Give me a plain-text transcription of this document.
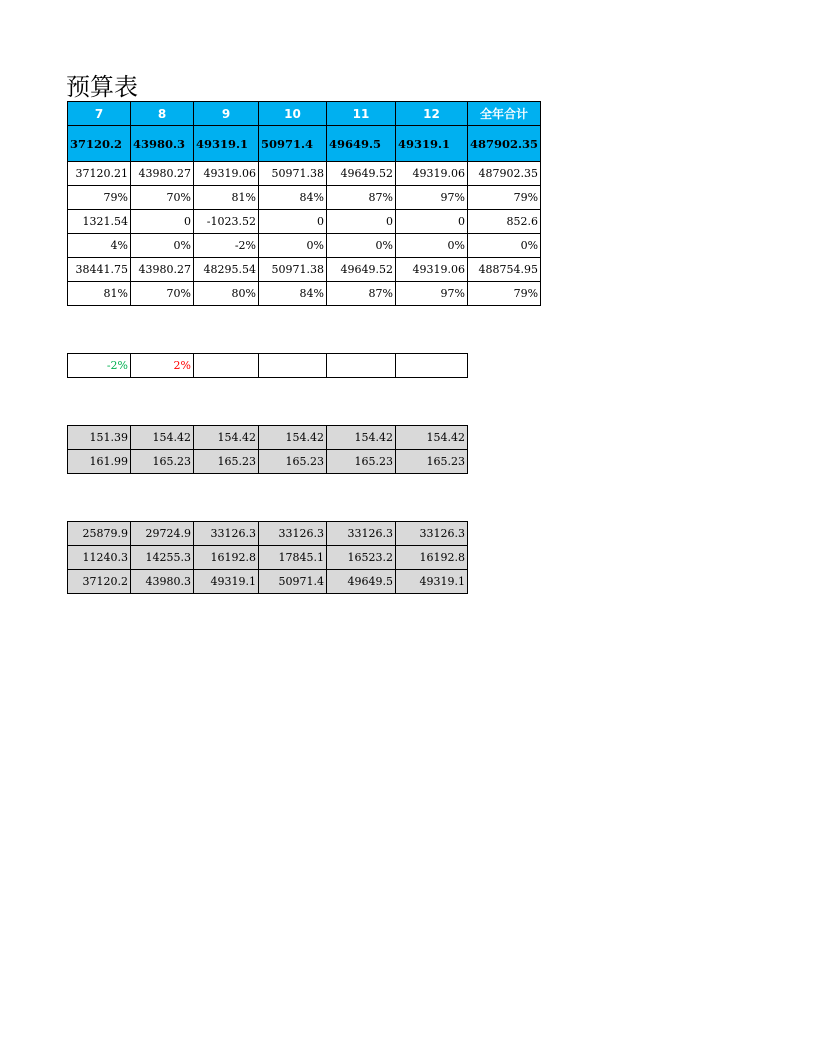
预算表
7	8	9	10	11	12	全年合计
37120.2	43980.3	49319.1	50971.4	49649.5	49319.1	487902.35
37120.21	43980.27	49319.06	50971.38	49649.52	49319.06	487902.35
79%	70%	81%	84%	87%	97%	79%
1321.54	0	-1023.52	0	0	0	852.6
4%	0%	-2%	0%	0%	0%	0%
38441.75	43980.27	48295.54	50971.38	49649.52	49319.06	488754.95
81%	70%	80%	84%	87%	97%	79%
-2%	2%				
151.39	154.42	154.42	154.42	154.42	154.42
161.99	165.23	165.23	165.23	165.23	165.23
25879.9	29724.9	33126.3	33126.3	33126.3	33126.3
11240.3	14255.3	16192.8	17845.1	16523.2	16192.8
37120.2	43980.3	49319.1	50971.4	49649.5	49319.1
